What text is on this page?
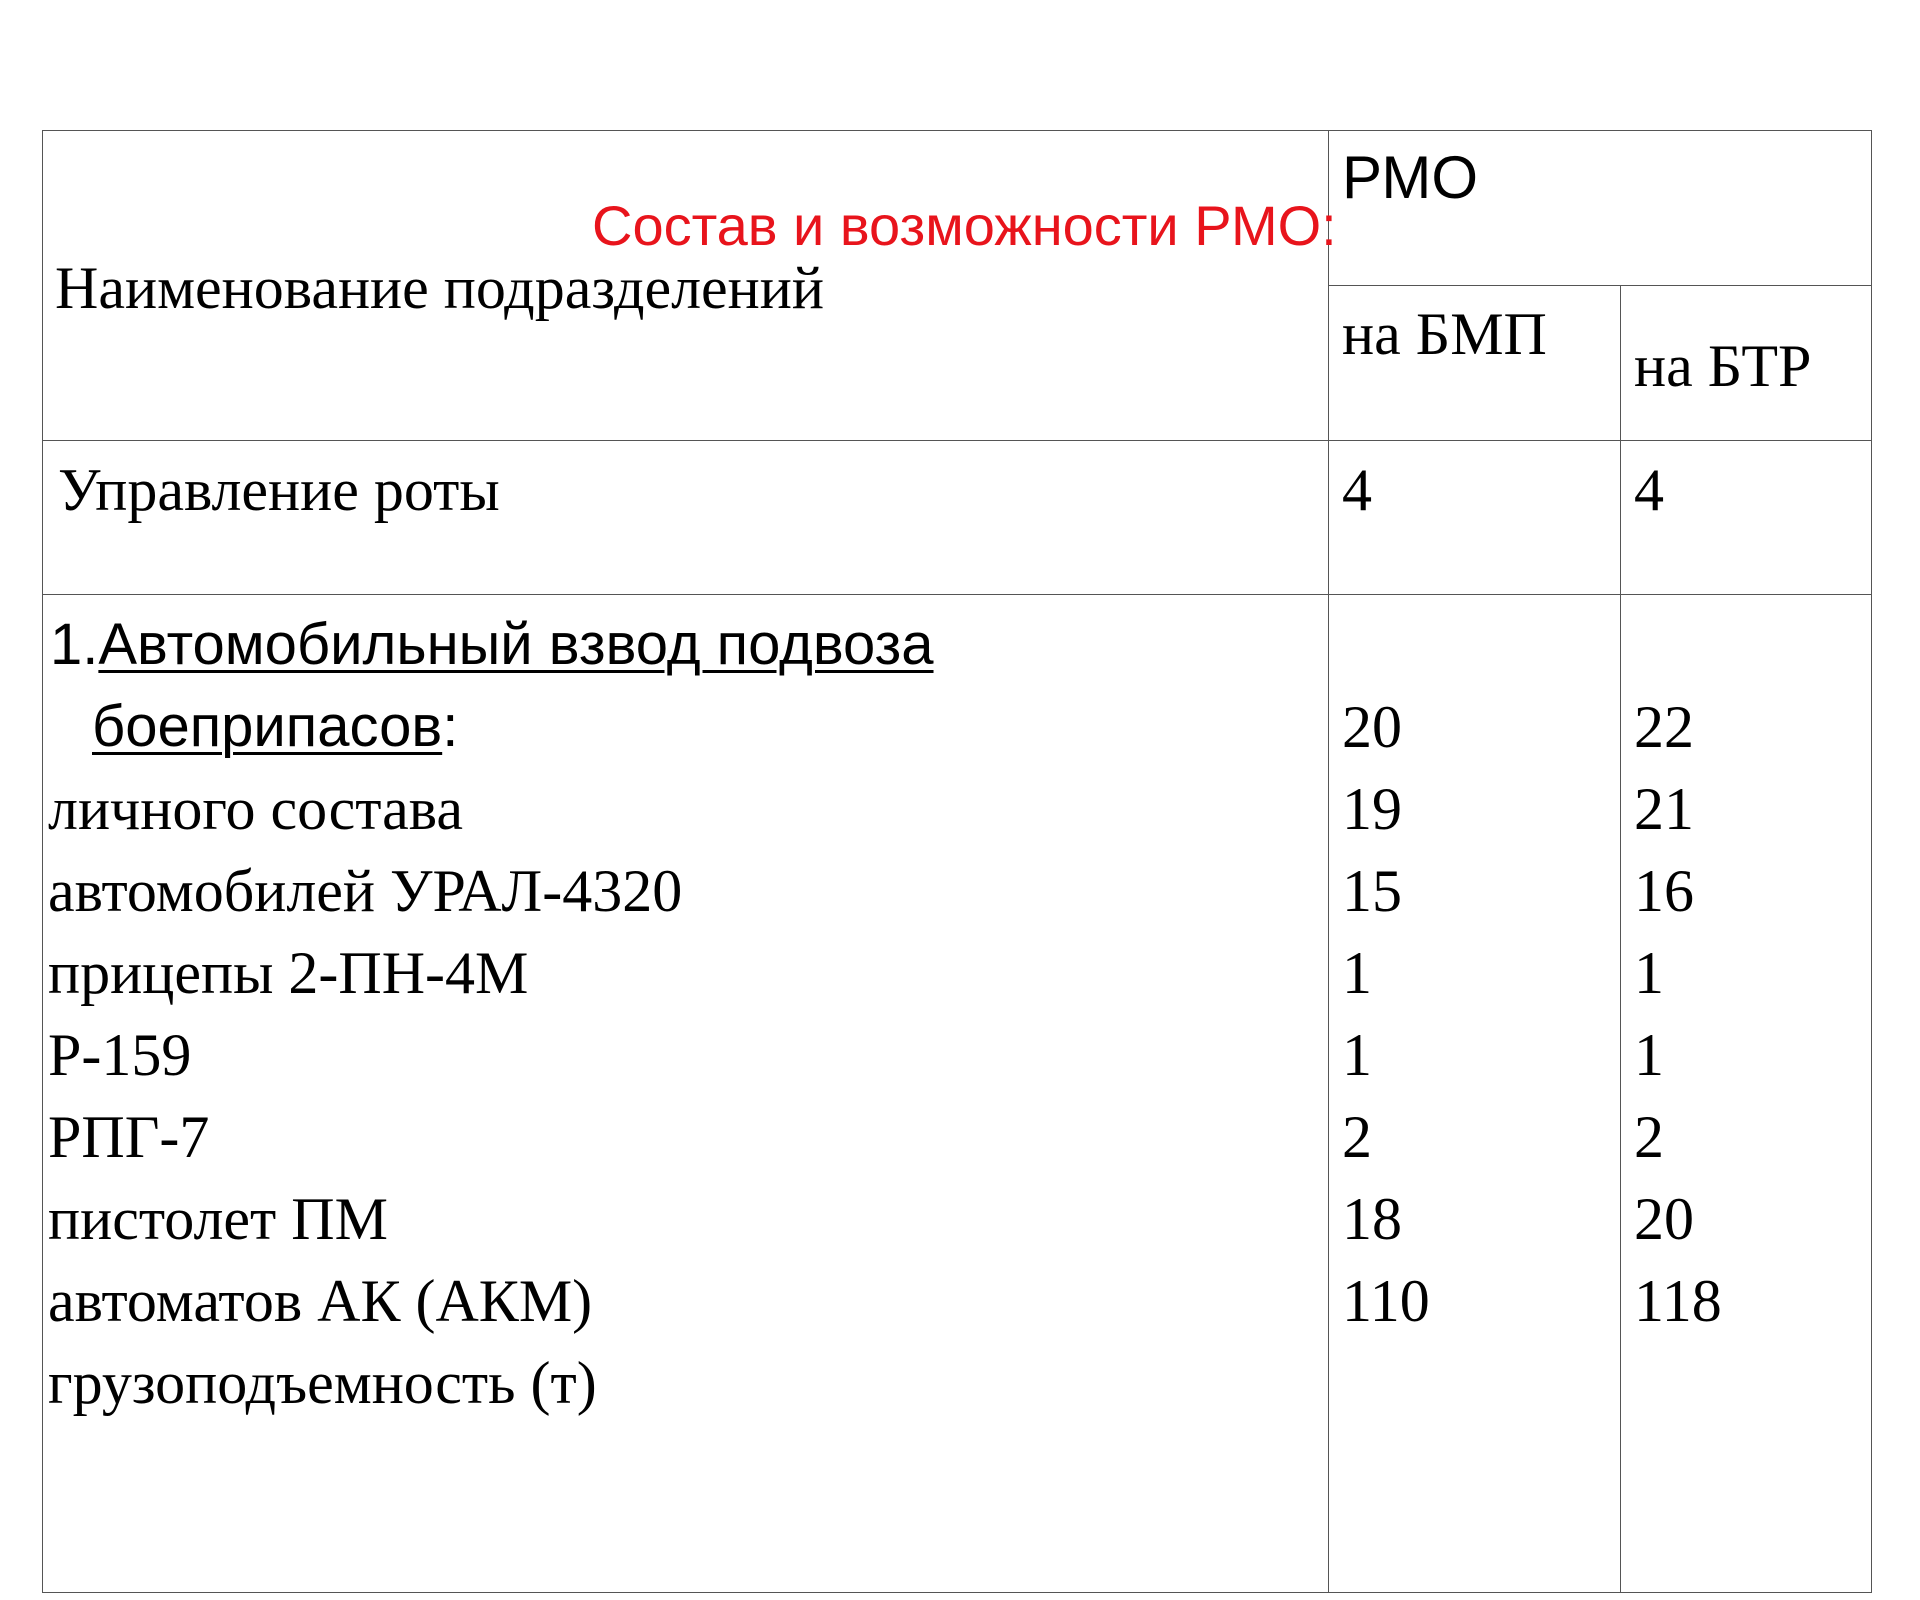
РМО
Состав и возможности РМО:
Наименование подразделений
на БМП на БТР
Управление роты	4	4
1.Автомобильный взвод подвоза
боеприпасов:
личного состава
автомобилей УРАЛ-4320
прицепы 2-ПН-4М
Р-159
РПГ-7
пистолет ПМ
автоматов АК (АКМ)
грузоподъемность (т)
20
19
15
1
1
2
18
110
22
21
16
1
1
2
20
118
